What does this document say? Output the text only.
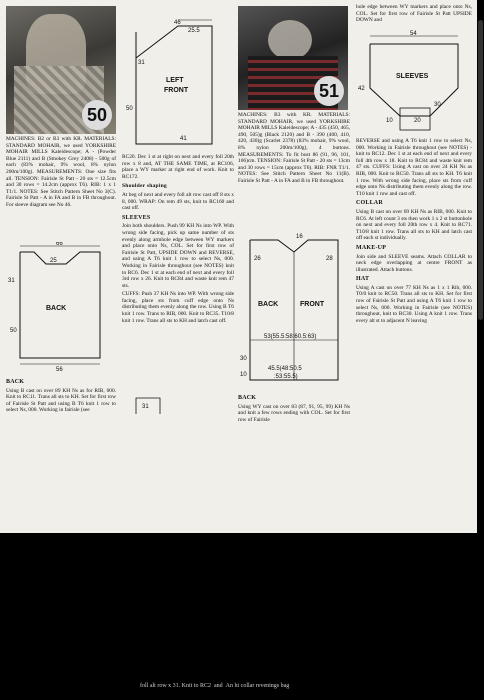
50

MACHINES: B2 or B3 with KR. MATERIALS: STANDARD MOHAIR, we used YORKSHIRE MOHAIR MILLS Kaleidescope; A - (Powder Blue 2111) and B (Smokey Grey 2408) - 500g of each (83% mohair, 9% wool, 8% nylon 200m/100g). MEASUREMENTS: One size fits all. TENSION: Fairisle St Patt - 20 sts = 12.5cm and 30 rows = 14.2cm (approx T6). RIB: 1 x 1 T1/1. NOTES: See Stitch Pattern Sheet No 3(C). Fairisle St Patt - A in FA and B in FB throughout. For sleeve diagram see No 46.

66
25
31
50
BACK
56

BACK

Using B cast on over 89 KH Ns as for RIB, 000. Knit to RC11. Trans all sts to KH. Set for first row of Fairisle St Patt and using B T6 knit 1 row to select Ns, 000. Working in fairisle (see

46
25.5
31
50
LEFT
FRONT
41

RC20. Dec 1 st at right on next and every foll 20th row x 8 and, AT THE SAME TIME, at RC106, place a WY marker at right end of work. Knit to RC172.

Shoulder shaping

At beg of next and every foll alt row cast off 8 sts x 8, 000. WRAP: On rem 49 sts, knit to RC160 and cast off.

SLEEVES

Join both shoulders. Push 99 KH Ns into WP. With wrong side facing, pick up same number of sts evenly along armhole edge between WY markers and place onto Ns, COL. Set for first row of Fairisle St Patt, UPSIDE DOWN and REVERSE, and using A T6 knit 1 row to select Ns, 000. Working in Fairisle throughout (see NOTES) knit to RC6. Dec 1 st at each end of next and every foll 3rd row x 26. Knit to RC84 and waste knit rem 47 sts.

CUFFS: Push 37 KH Ns into WP. With wrong side facing, place sts from cuff edge onto Ns distributing them evenly along the row. Using B T6 knit 1 row. Trans to RIB, 000. Knit to RC35. T10/8 knit 1 row. Trans all sts to KH and latch cast off.

31
51

MACHINES: B3 with KR. MATERIALS: STANDARD MOHAIR, we used YORKSHIRE MOHAIR MILLS Kaleidescope; A - 435 (450, 465, 490, 505)g (Black 2120) and B - 390 (400, 410, 420, 430)g (Scarlet 2378) (83% mohair, 9% wool, 8% nylon 200m/100g), 4 buttons. MEASUREMENTS: To fit bust 86 (91, 96, 101, 106)cm. TENSION: Fairisle St Patt - 20 sts = 13cm and 30 rows = 15cm (approx T6). RIB: FNR T1/1. NOTES: See Stitch Pattern Sheet No 11(B). Fairisle St Patt - A in FA and B in FB throughout.

16
26	28
BACK	FRONT
53(55.5:58:60.5:63)
30
10
45.5(48:50.5
:53:55.5)

BACK

Using WY cast on over 83 (87, 91, 95, 99) KH Ns and knit a few rows ending with COL. Set for first row of Fairisle

hole edge between WY markers and place onto Ns, COL. Set for first row of Fairisle St Patt UPSIDE DOWN and

54
SLEEVES
42
30
20
10

REVERSE and using A T6 knit 1 row to select Ns, 000. Working in Fairisle throughout (see NOTES) - knit to RC12. Dec 1 st at each end of next and every foll 4th row x 18. Knit to RC84 and waste knit rem 47 sts. CUFFS: Using A cast on over 24 KH Ns as RIB, 000. Knit to RC50. Trans all sts to KH. T6 knit 1 row. With wrong side facing, place sts from cuff edge onto Ns distributing them evenly along the row. T10 knit 1 row and cast off.

COLLAR

Using B cast on over 69 KH Ns as RIB, 000. Knit to RC6. At left count 3 sts then work 1 x 2 st buttonhole on next and every foll 20th row x 4. Knit to RC71. T10/8 knit 1 row. Trans all sts to KH and latch cast off each st individually.

MAKE-UP

Join side and SLEEVE seams. Attach COLLAR to neck edge overlapping at centre FRONT as illustrated. Attach buttons.

HAT

Using A cast on over 77 KH Ns as 1 x 1 Rib, 000. T0/0 knit to RC50. Trans all sts to KH. Set for first row of Fairisle St Patt and using A T6 knit 1 row to select Ns, 000. Working in Fairisle (see NOTES) throughout, knit to RC30. Using A knit 1 row. Trans every alt st to adjacent N leaving

foll alt row x 31. Knit to RC2  and  An ht collar revenings bag
